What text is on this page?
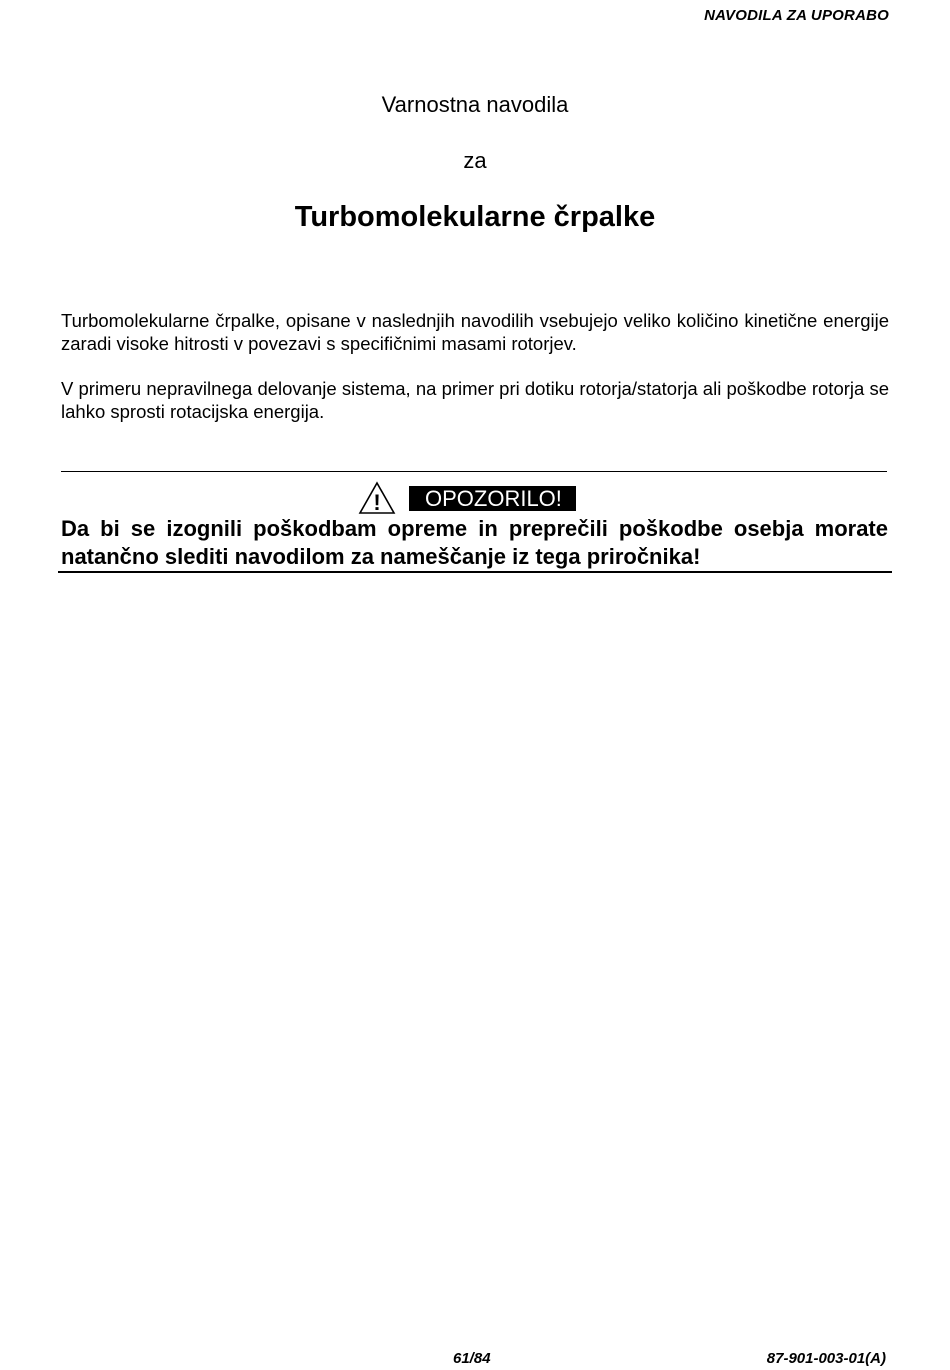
NAVODILA ZA UPORABO
Varnostna navodila
za
Turbomolekularne črpalke

Turbomolekularne črpalke, opisane v naslednjih navodilih vsebujejo veliko količino kinetične energije zaradi visoke hitrosti v povezavi s specifičnimi masami rotorjev.

V primeru nepravilnega delovanje sistema, na primer pri dotiku rotorja/statorja ali poškodbe rotorja se lahko sprosti rotacijska energija.

!	OPOZORILO!
Da bi se izognili poškodbam opreme in preprečili poškodbe osebja morate natančno slediti navodilom za nameščanje iz tega priročnika!
61/84	87-901-003-01(A)
